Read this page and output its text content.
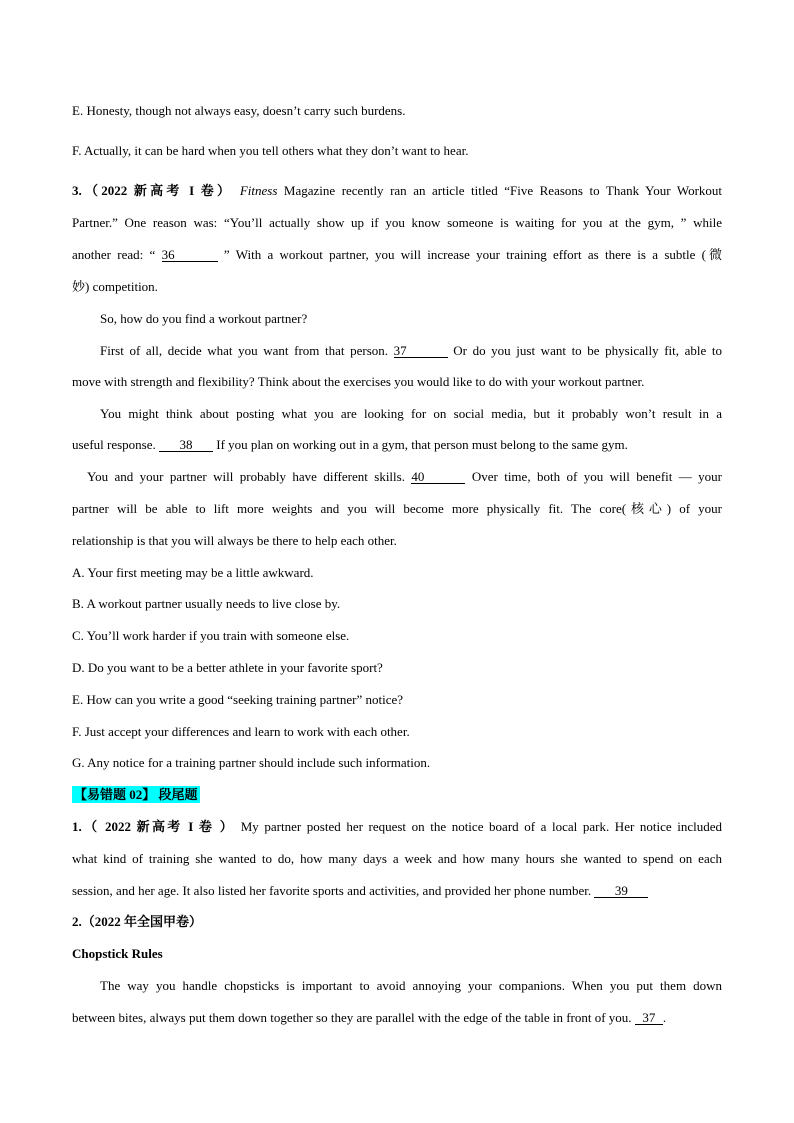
E. Honesty, though not always easy, doesn’t carry such burdens.
F. Actually, it can be hard when you tell others what they don’t want to hear.
3.（2022 新高考 I 卷） Fitness Magazine recently ran an article titled “Five Reasons to Thank Your Workout
Partner.” One reason was: “You’ll actually show up if you know someone is waiting for you at the gym, ” while
another read: “ 36	” With a workout partner, you will increase your training effort as there is a subtle (微
妙) competition.
So, how do you find a workout partner?
First of all, decide what you want from that person. 37	Or do you just want to be physically fit, able to
move with strength and flexibility? Think about the exercises you would like to do with your workout partner.
You might think about posting what you are looking for on social media, but it probably won’t result in a
useful response. 38 If you plan on working out in a gym, that person must belong to the same gym.
You and your partner will probably have different skills. 40	Over time, both of you will benefit — your
partner will be able to lift more weights and you will become more physically fit. The core(核心) of your
relationship is that you will always be there to help each other.
A. Your first meeting may be a little awkward.
B. A workout partner usually needs to live close by.
C. You’ll work harder if you train with someone else.
D. Do you want to be a better athlete in your favorite sport?
E. How can you write a good “seeking training partner” notice?
F. Just accept your differences and learn to work with each other.
G. Any notice for a training partner should include such information.
【易错题 02】 段尾题
1.（ 2022 新高考 I 卷 ） My partner posted her request on the notice board of a local park. Her notice included
what kind of training she wanted to do, how many days a week and how many hours she wanted to spend on each
session, and her age. It also listed her favorite sports and activities, and provided her phone number. 39
2.（2022 年全国甲卷）
Chopstick Rules
The way you handle chopsticks is important to avoid annoying your companions. When you put them down
between bites, always put them down together so they are parallel with the edge of the table in front of you. 37 .
